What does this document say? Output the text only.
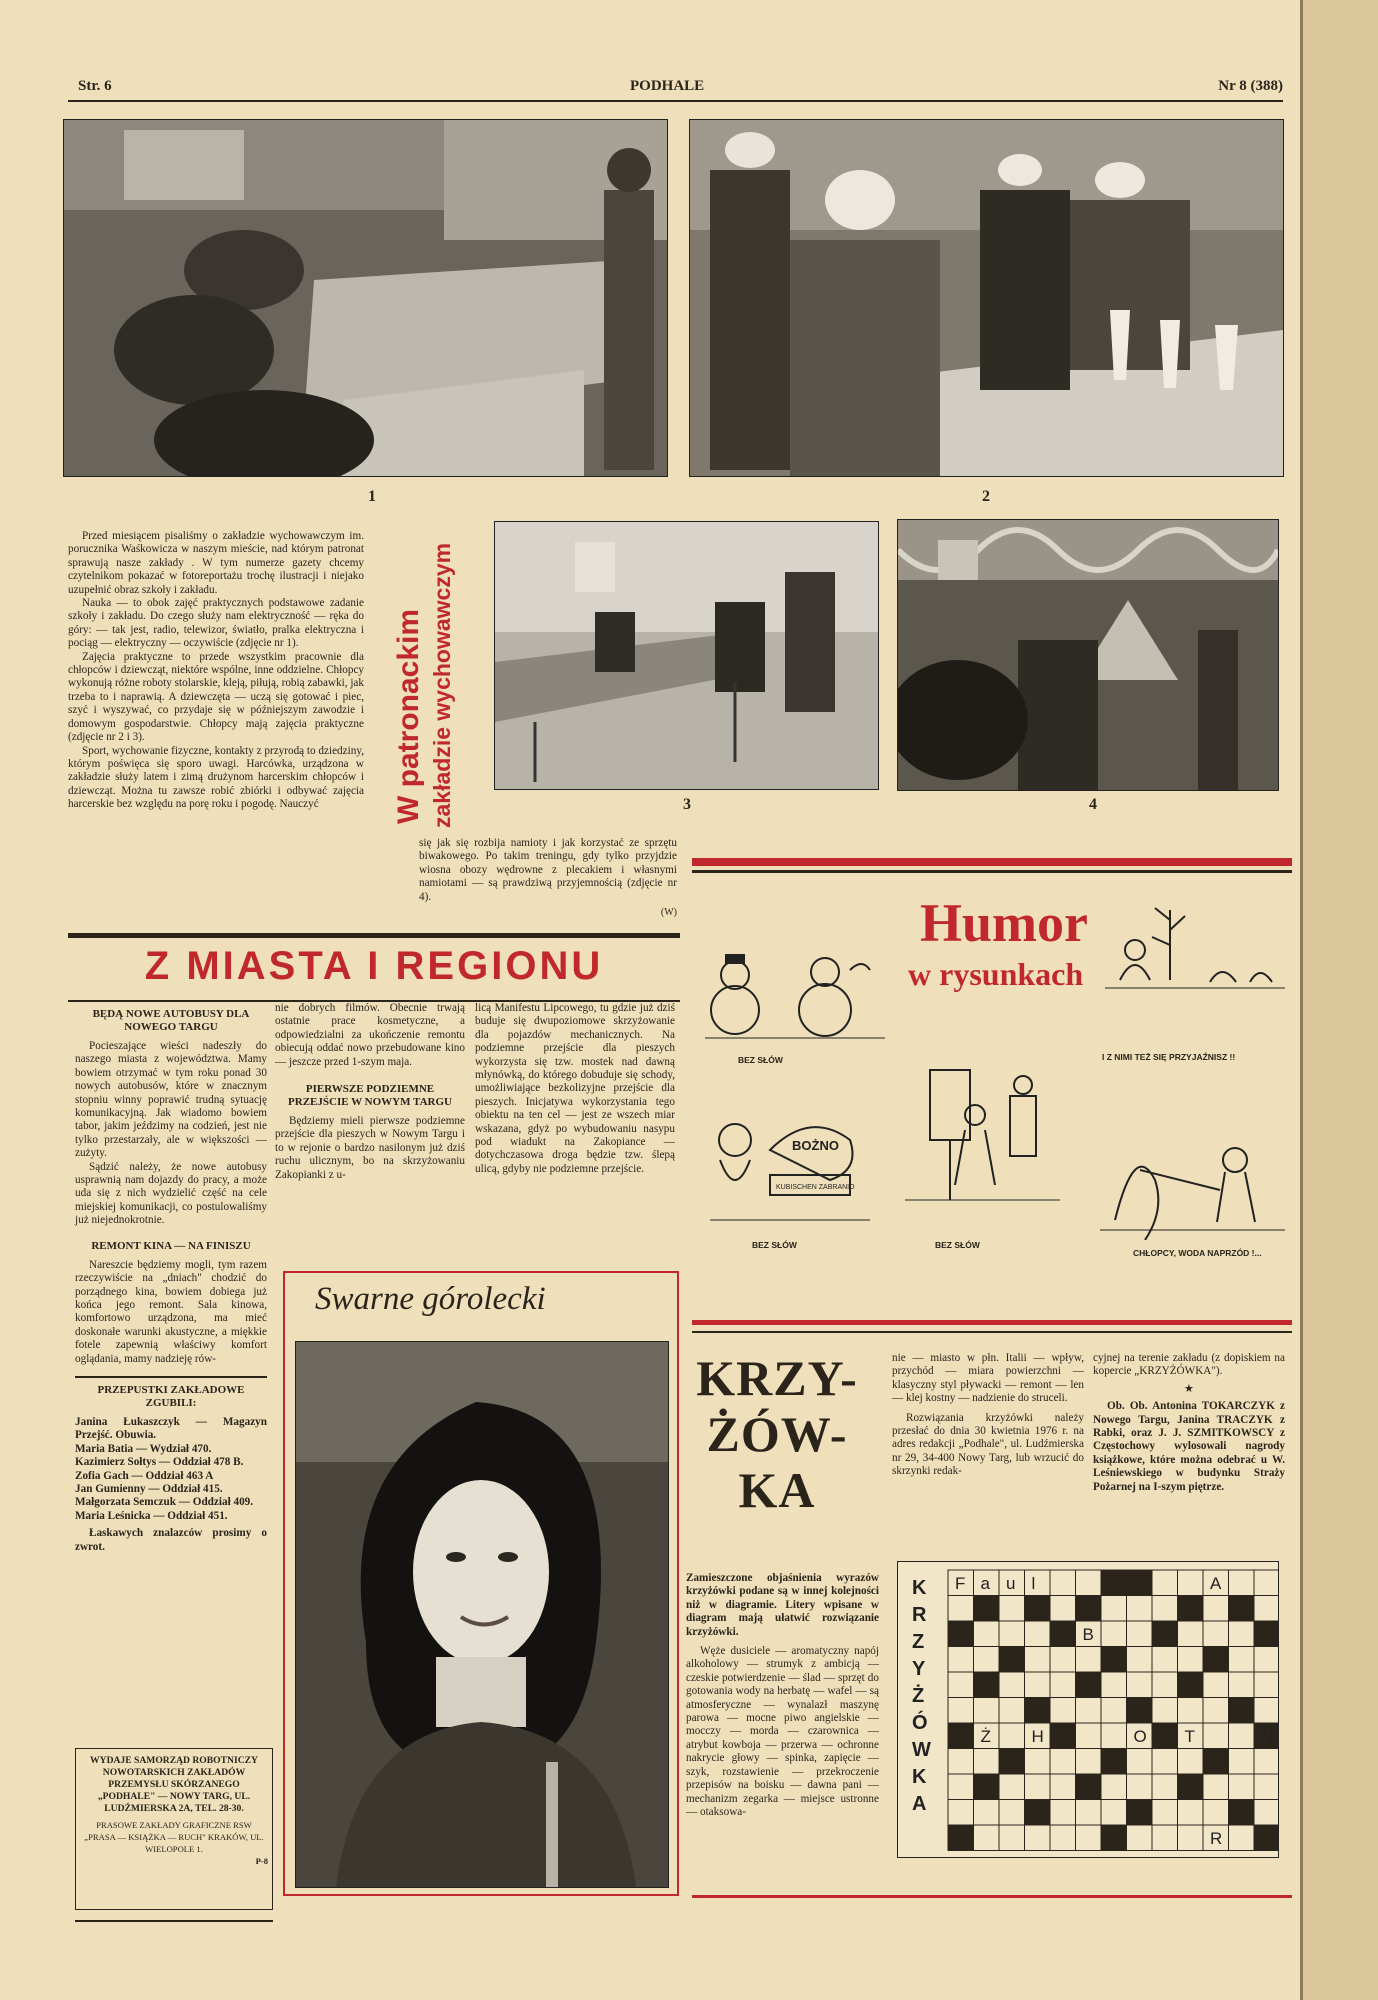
Str. 6	PODHALE	Nr 8 (388)
1	2

Przed miesiącem pisaliśmy o zakładzie wychowawczym im. porucznika Waśkowicza w naszym mieście, nad którym patronat sprawują nasze zakłady . W tym numerze gazety chcemy czytelnikom pokazać w fotoreportażu trochę ilustracji i niejako uzupełnić obraz szkoły i zakładu.

Nauka — to obok zajęć praktycznych podstawowe zadanie szkoły i zakładu. Do czego służy nam elektryczność — ręka do góry: — tak jest, radio, telewizor, światło, pralka elektryczna i pociąg — elektryczny — oczywiście (zdjęcie nr 1).

Zajęcia praktyczne to przede wszystkim pracownie dla chłopców i dziewcząt, niektóre wspólne, inne oddzielne. Chłopcy wykonują różne roboty stolarskie, kleją, piłują, robią zabawki, jak trzeba to i naprawią. A dziewczęta — uczą się gotować i piec, szyć i wyszywać, co przydaje się w późniejszym zawodzie i domowym gospodarstwie. Chłopcy mają zajęcia praktyczne (zdjęcie nr 2 i 3).

Sport, wychowanie fizyczne, kontakty z przyrodą to dziedziny, którym poświęca się sporo uwagi. Harcówka, urządzona w zakładzie służy latem i zimą drużynom harcerskim chłopców i dziewcząt. Można tu zawsze robić zbiórki i odbywać zajęcia harcerskie bez względu na porę roku i pogodę. Nauczyć	W patronackim zakładzie wychowawczym	3	4

się jak się rozbija namioty i jak korzystać ze sprzętu biwakowego. Po takim treningu, gdy tylko przyjdzie wiosna obozy wędrowne z plecakiem i własnymi namiotami — są prawdziwą przyjemnością (zdjęcie nr 4).

(W)
Z MIASTA I REGIONU
BĘDĄ NOWE AUTOBUSY DLA NOWEGO TARGU

Pocieszające wieści nadeszły do naszego miasta z województwa. Mamy bowiem otrzymać w tym roku ponad 30 nowych autobusów, które w znacznym stopniu winny poprawić trudną sytuację komunikacyjną. Jak wiadomo bowiem tabor, jakim jeździmy na codzień, jest nie tylko przestarzały, ale w większości — zużyty.

Sądzić należy, że nowe autobusy usprawnią nam dojazdy do pracy, a może uda się z nich wydzielić część na cele miejskiej komunikacji, co postulowaliśmy już niejednokrotnie.

REMONT KINA — NA FINISZU

Nareszcie będziemy mogli, tym razem rzeczywiście na „dniach" chodzić do porządnego kina, bowiem dobiega już końca jego remont. Sala kinowa, komfortowo urządzona, ma mieć doskonałe warunki akustyczne, a miękkie fotele zapewnią właściwy komfort oglądania, mamy nadzieję rów-

PRZEPUSTKI ZAKŁADOWE ZGUBILI:
Janina Łukaszczyk — Magazyn Przejść. Obuwia.
Maria Batia — Wydział 470.
Kazimierz Sołtys — Oddział 478 B.
Zofia Gach — Oddział 463 A
Jan Gumienny — Oddział 415.
Małgorzata Semczuk — Oddział 409.
Maria Leśnicka — Oddział 451.

Łaskawych znalazców prosimy o zwrot.

nie dobrych filmów. Obecnie trwają ostatnie prace kosmetyczne, a odpowiedzialni za ukończenie remontu obiecują oddać nowo przebudowane kino — jeszcze przed 1-szym maja.

PIERWSZE PODZIEMNE PRZEJŚCIE W NOWYM TARGU

Będziemy mieli pierwsze podziemne przejście dla pieszych w Nowym Targu i to w rejonie o bardzo nasilonym już dziś ruchu ulicznym, bo na skrzyżowaniu Zakopianki z u-

licą Manifestu Lipcowego, tu gdzie już dziś buduje się dwupoziomowe skrzyżowanie dla pojazdów mechanicznych. Na podziemne przejście dla pieszych wykorzysta się tzw. mostek nad dawną młynówką, do którego dobuduje się schody, umożliwiające bezkolizyjne przejście dla pieszych. Inicjatywa wykorzystania tego obiektu na ten cel — jest ze wszech miar wskazana, gdyż po wybudowaniu nasypu pod wiadukt na Zakopiance — dotychczasowa droga będzie tzw. ślepą ulicą, gdyby nie podziemne przejście.

WYDAJE SAMORZĄD ROBOTNICZY NOWOTARSKICH ZAKŁADÓW PRZEMYSŁU SKÓRZANEGO „PODHALE" — NOWY TARG, UL. LUDŹMIERSKA 2A, TEL. 28-30.
PRASOWE ZAKŁADY GRAFICZNE RSW „PRASA — KSIĄŻKA — RUCH" KRAKÓW, UL. WIELOPOLE 1.
P-8
Swarne górolecki
Humor
w rysunkach
BEZ SŁÓW	I Z NIMI TEŻ SIĘ PRZYJAŹNISZ !!
BOŻNO
KUBISCHEN ZABRANIO
BEZ SŁÓW	BEZ SŁÓW
CHŁOPCY, WODA NAPRZÓD !...
KRZY-
ŻÓW-
KA

Zamieszczone objaśnienia wyrazów krzyżówki podane są w innej kolejności niż w diagramie. Litery wpisane w diagram mają ułatwić rozwiązanie krzyżówki.

Węże dusiciele — aromatyczny napój alkoholowy — strumyk z ambicją — czeskie potwierdzenie — ślad — sprzęt do gotowania wody na herbatę — wafel — są atmosferyczne — wynalazł maszynę parowa — mocne piwo angielskie — mocczy — morda — czarownica — atrybut kowboja — przerwa — ochronne nakrycie głowy — spinka, zapięcie — szyk, rozstawienie — przekroczenie przepisów na boisku — dawna pani — mechanizm zegarka — miejsce ustronne — otaksowa-

nie — miasto w płn. Italii — wpływ, przychód — miara powierzchni — klasyczny styl pływacki — remont — len — klej kostny — nadzienie do struceli.

Rozwiązania krzyżówki należy przesłać do dnia 30 kwietnia 1976 r. na adres redakcji „Podhale", ul. Ludźmierska nr 29, 34-400 Nowy Targ, lub wrzucić do skrzynki redak-

cyjnej na terenie zakładu (z dopiskiem na kopercie „KRZYŻÓWKA").

★

Ob. Ob. Antonina TOKARCZYK z Nowego Targu, Janina TRACZYK z Rabki, oraz J. J. SZMITKOWSCY z Częstochowy wylosowali nagrody książkowe, które można odebrać u W. Leśniewskiego w budynku Straży Pożarnej na I-szym piętrze.

K R Z Y Ż Ó W K A
F a u l
B
A
Ż H	O T	N
R
